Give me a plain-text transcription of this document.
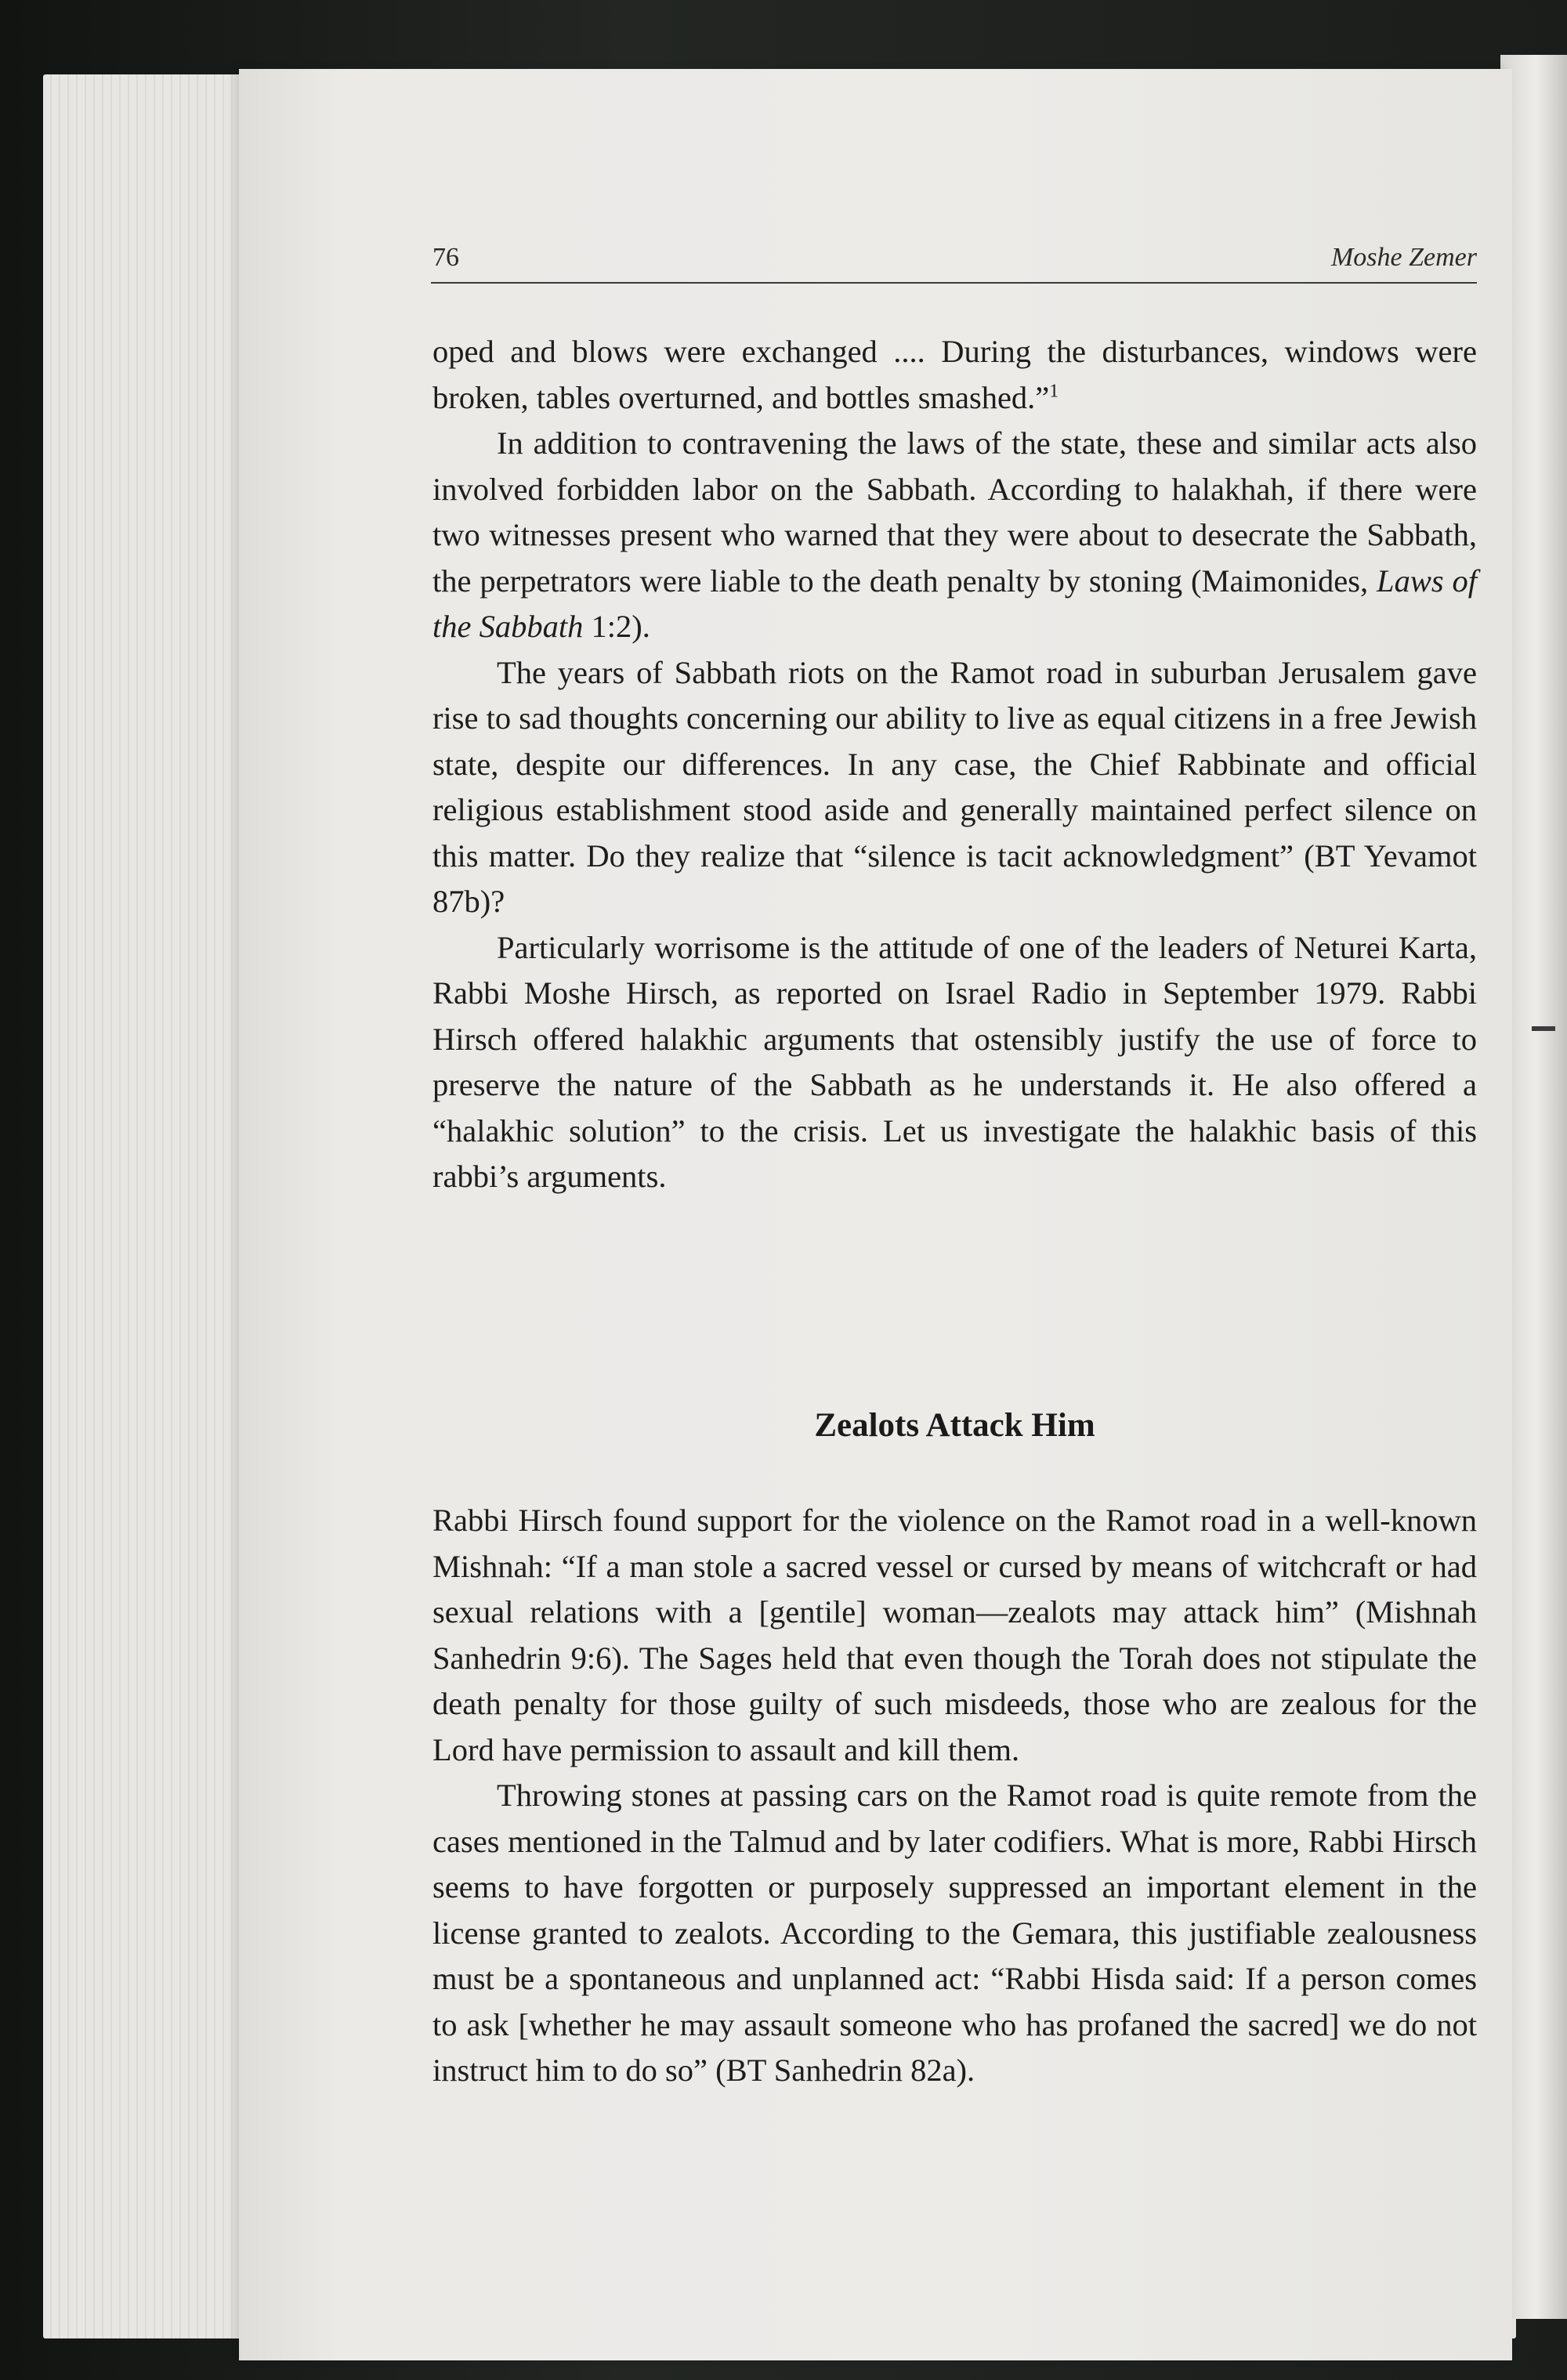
76	Moshe Zemer

oped and blows were exchanged .... During the disturbances, windows were broken, tables overturned, and bottles smashed.”$^1$

In addition to contravening the laws of the state, these and similar acts also involved forbidden labor on the Sabbath. According to halakhah, if there were two witnesses present who warned that they were about to desecrate the Sabbath, the perpetrators were liable to the death penalty by stoning (Maimonides, Laws of the Sabbath 1:2).

The years of Sabbath riots on the Ramot road in suburban Jerusalem gave rise to sad thoughts concerning our ability to live as equal citizens in a free Jewish state, despite our differences. In any case, the Chief Rabbinate and official religious establishment stood aside and generally maintained perfect silence on this matter. Do they realize that “silence is tacit acknowledgment” (BT Yevamot 87b)?

Particularly worrisome is the attitude of one of the leaders of Neturei Karta, Rabbi Moshe Hirsch, as reported on Israel Radio in September 1979. Rabbi Hirsch offered halakhic arguments that ostensibly justify the use of force to preserve the nature of the Sabbath as he understands it. He also offered a “halakhic solution” to the crisis. Let us investigate the halakhic basis of this rabbi’s arguments.

Zealots Attack Him

Rabbi Hirsch found support for the violence on the Ramot road in a well-known Mishnah: “If a man stole a sacred vessel or cursed by means of witchcraft or had sexual relations with a [gentile] woman—zealots may attack him” (Mishnah Sanhedrin 9:6). The Sages held that even though the Torah does not stipulate the death penalty for those guilty of such misdeeds, those who are zealous for the Lord have permission to assault and kill them.

Throwing stones at passing cars on the Ramot road is quite remote from the cases mentioned in the Talmud and by later codifiers. What is more, Rabbi Hirsch seems to have forgotten or purposely suppressed an important element in the license granted to zealots. According to the Gemara, this justifiable zealousness must be a spontaneous and unplanned act: “Rabbi Hisda said: If a person comes to ask [whether he may assault someone who has profaned the sacred] we do not instruct him to do so” (BT Sanhedrin 82a).
